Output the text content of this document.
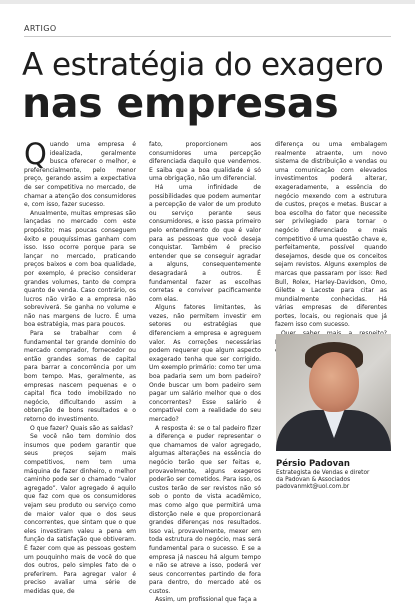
ARTIGO
A estratégia do exagero
nas empresas

Quando uma empresa é idealizada, geralmente busca oferecer o melhor, e preferencialmente, pelo menor preço, gerando assim a expectativa de ser competitiva no mercado, de chamar a atenção dos consumidores e, com isso, fazer sucesso.

Anualmente, muitas empresas são lançadas no mercado com este propósito; mas poucas conseguem êxito e pouquíssimas ganham com isso. Isso ocorre porque para se lançar no mercado, praticando preços baixos e com boa qualidade, por exemplo, é preciso considerar grandes volumes, tanto de compra quanto de venda. Caso contrário, os lucros não virão e a empresa não sobreviverá. Se ganha no volume e não nas margens de lucro. É uma boa estratégia, mas para poucos.

Para se trabalhar com é fundamental ter grande domínio do mercado comprador, fornecedor ou então grandes somas de capital para barrar a concorrência por um bom tempo. Mas, geralmente, as empresas nascem pequenas e o capital fica todo imobilizado no negócio, dificultando assim a obtenção de bons resultados e o retorno do investimento.

O que fazer? Quais são as saídas?

Se você não tem domínio dos insumos que podem garantir que seus preços sejam mais competitivos, nem tem uma máquina de fazer dinheiro, o melhor caminho pode ser o chamado “valor agregado”. Valor agregado é aquilo que faz com que os consumidores vejam seu produto ou serviço como de maior valor que o dos seus concorrentes, que sintam que o que eles investiram valeu a pena em função da satisfação que obtiveram. É fazer com que as pessoas gostem um pouquinho mais de você do que dos outros, pelo simples fato de o preferirem. Para agregar valor é preciso avaliar uma série de medidas que, de

fato, proporcionem aos consumidores uma percepção diferenciada daquilo que vendemos. E saiba que a boa qualidade é só uma obrigação, não um diferencial.

Há uma infinidade de possibilidades que podem aumentar a percepção de valor de um produto ou serviço perante seus consumidores, e isso passa primeiro pelo entendimento do que é valor para as pessoas que você deseja conquistar. Também é preciso entender que se conseguir agradar a alguns, consequentemente desagradará a outros. É fundamental fazer as escolhas corretas e conviver pacificamente com elas.

Alguns fatores limitantes, às vezes, não permitem investir em setores ou estratégias que diferenciem a empresa e agreguem valor. As correções necessárias podem requerer que algum aspecto exagerado tenha que ser corrigido. Um exemplo primário: como ter uma boa padaria sem um bom padeiro? Onde buscar um bom padeiro sem pagar um salário melhor que o dos concorrentes? Esse salário é compatível com a realidade do seu mercado?

A resposta é: se o tal padeiro fizer a diferença e puder representar o que chamamos de valor agregado, algumas alterações na essência do negócio terão que ser feitas e, provavelmente, alguns exageros poderão ser cometidos. Para isso, os custos terão de ser revistos não só sob o ponto de vista acadêmico, mas como algo que permitirá uma distorção nele e que proporcionará grandes diferenças nos resultados. Isso vai, provavelmente, mexer em toda estrutura do negócio, mas será fundamental para o sucesso. E se a empresa já nasceu há algum tempo e não se atreve a isso, poderá ver seus concorrentes partindo de fora para dentro, do mercado até os custos.

Assim, um profissional que faça a

diferença ou uma embalagem realmente atraente, um novo sistema de distribuição e vendas ou uma comunicação com elevados investimentos poderá alterar, exageradamente, a essência do negócio mexendo com a estrutura de custos, preços e metas. Buscar a boa escolha do fator que necessite ser privilegiado para tornar o negócio diferenciado e mais competitivo é uma questão chave e, perfeitamente, possível quando desejamos, desde que os conceitos sejam revistos. Alguns exemplos de marcas que passaram por isso: Red Bull, Rolex, Harley-Davidson, Omo, Gilette e Lacoste para citar as mundialmente conhecidas. Há várias empresas de diferentes portes, locais, ou regionais que já fazem isso com sucesso.

Pérsio Padovan
Estrategista de Vendas e diretor
da Padovan & Associados
padovanmkt@uol.com.br
